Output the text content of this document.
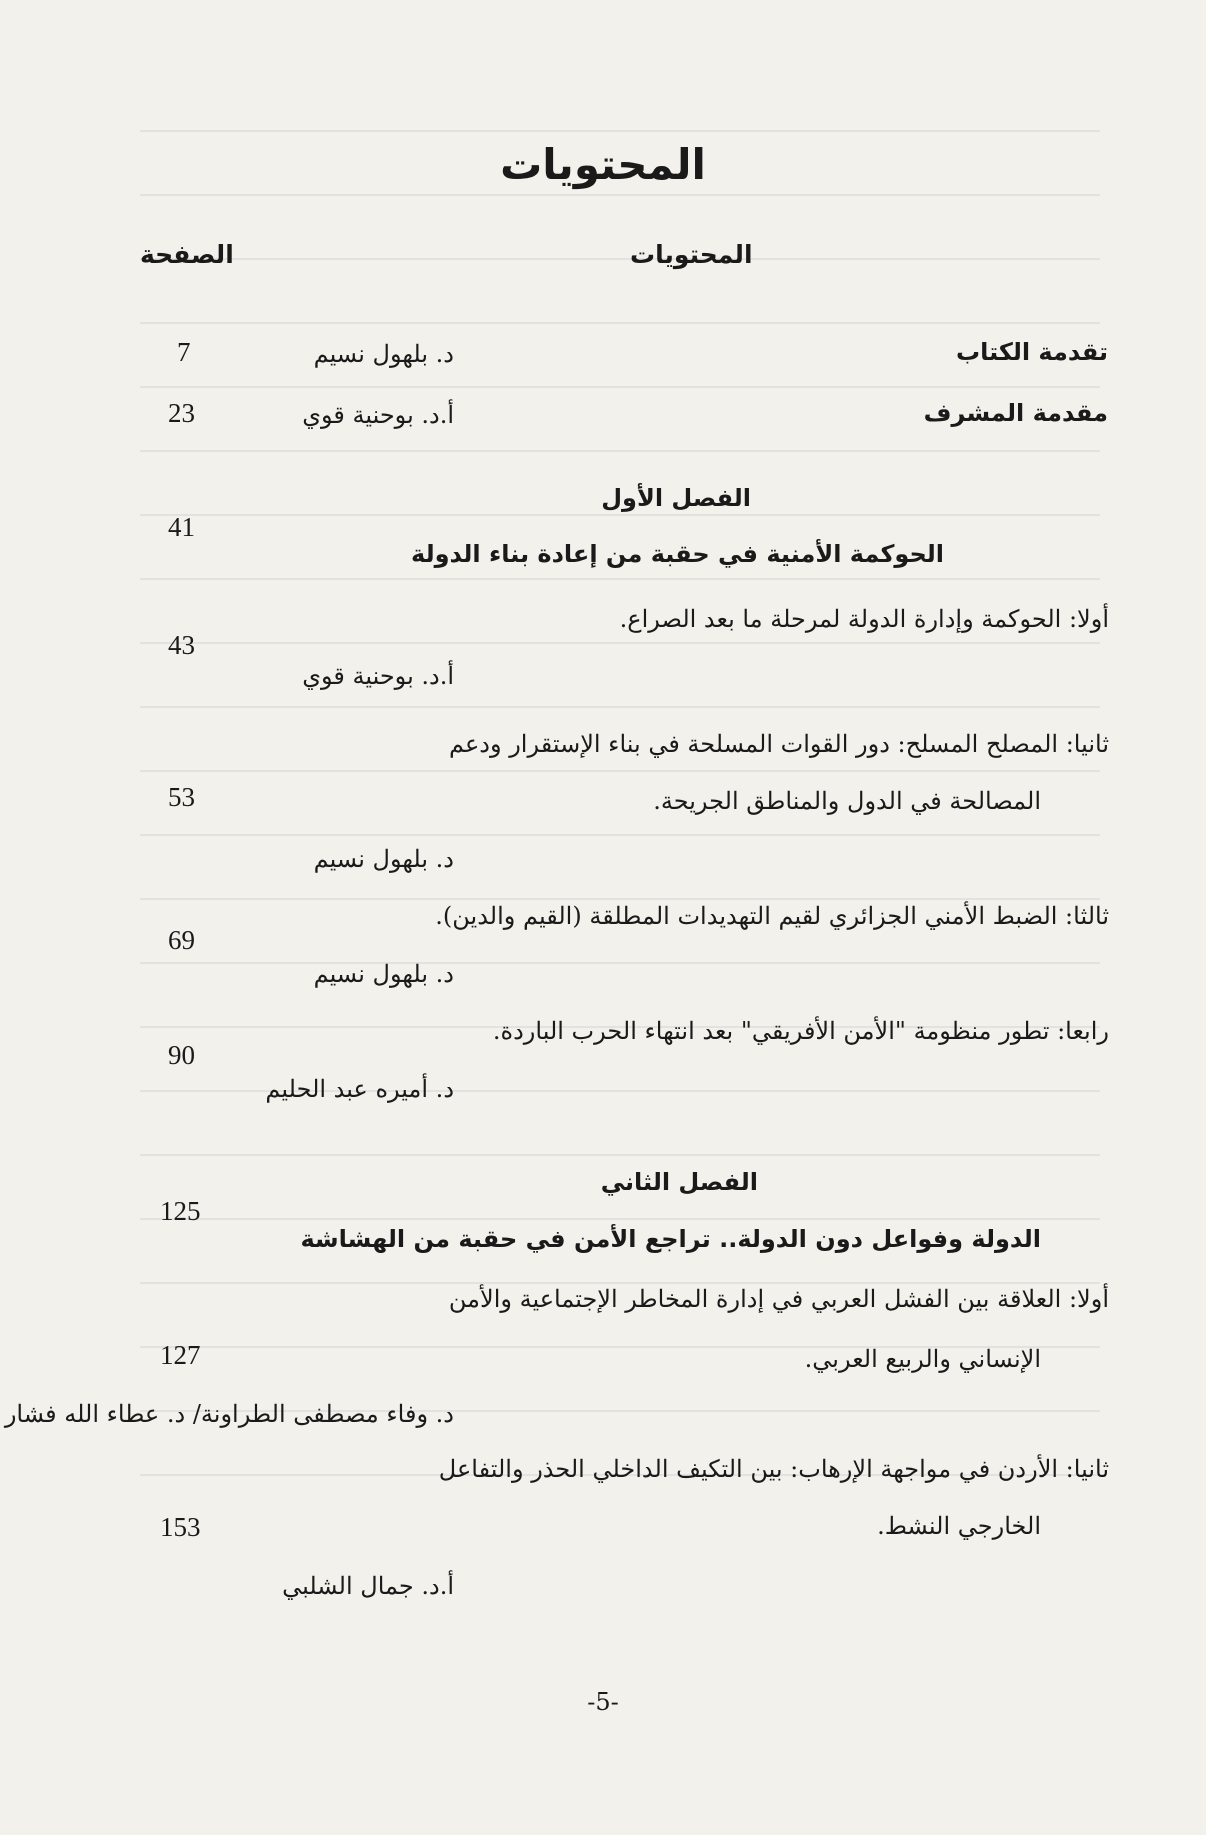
المحتويات
المحتويات
الصفحة
تقدمة الكتاب
د. بلهول نسيم
7
مقدمة المشرف
أ.د. بوحنية قوي
23
الفصل الأول
الحوكمة الأمنية في حقبة من إعادة بناء الدولة
41
أولا: الحوكمة وإدارة الدولة لمرحلة ما بعد الصراع.
أ.د. بوحنية قوي
43
ثانيا: المصلح المسلح: دور القوات المسلحة في بناء الإستقرار ودعم
المصالحة في الدول والمناطق الجريحة.
د. بلهول نسيم
53
ثالثا: الضبط الأمني الجزائري لقيم التهديدات المطلقة (القيم والدين).
د. بلهول نسيم
69
رابعا: تطور منظومة "الأمن الأفريقي" بعد انتهاء الحرب الباردة.
د. أميره عبد الحليم
90
الفصل الثاني
الدولة وفواعل دون الدولة.. تراجع الأمن في حقبة من الهشاشة
125
أولا: العلاقة بين الفشل العربي في إدارة المخاطر الإجتماعية والأمن
الإنساني والربيع العربي.
د. وفاء مصطفى الطراونة/ د. عطاء الله فشار
127
ثانيا: الأردن في مواجهة الإرهاب: بين التكيف الداخلي الحذر والتفاعل
الخارجي النشط.
أ.د. جمال الشلبي
153
-5-
